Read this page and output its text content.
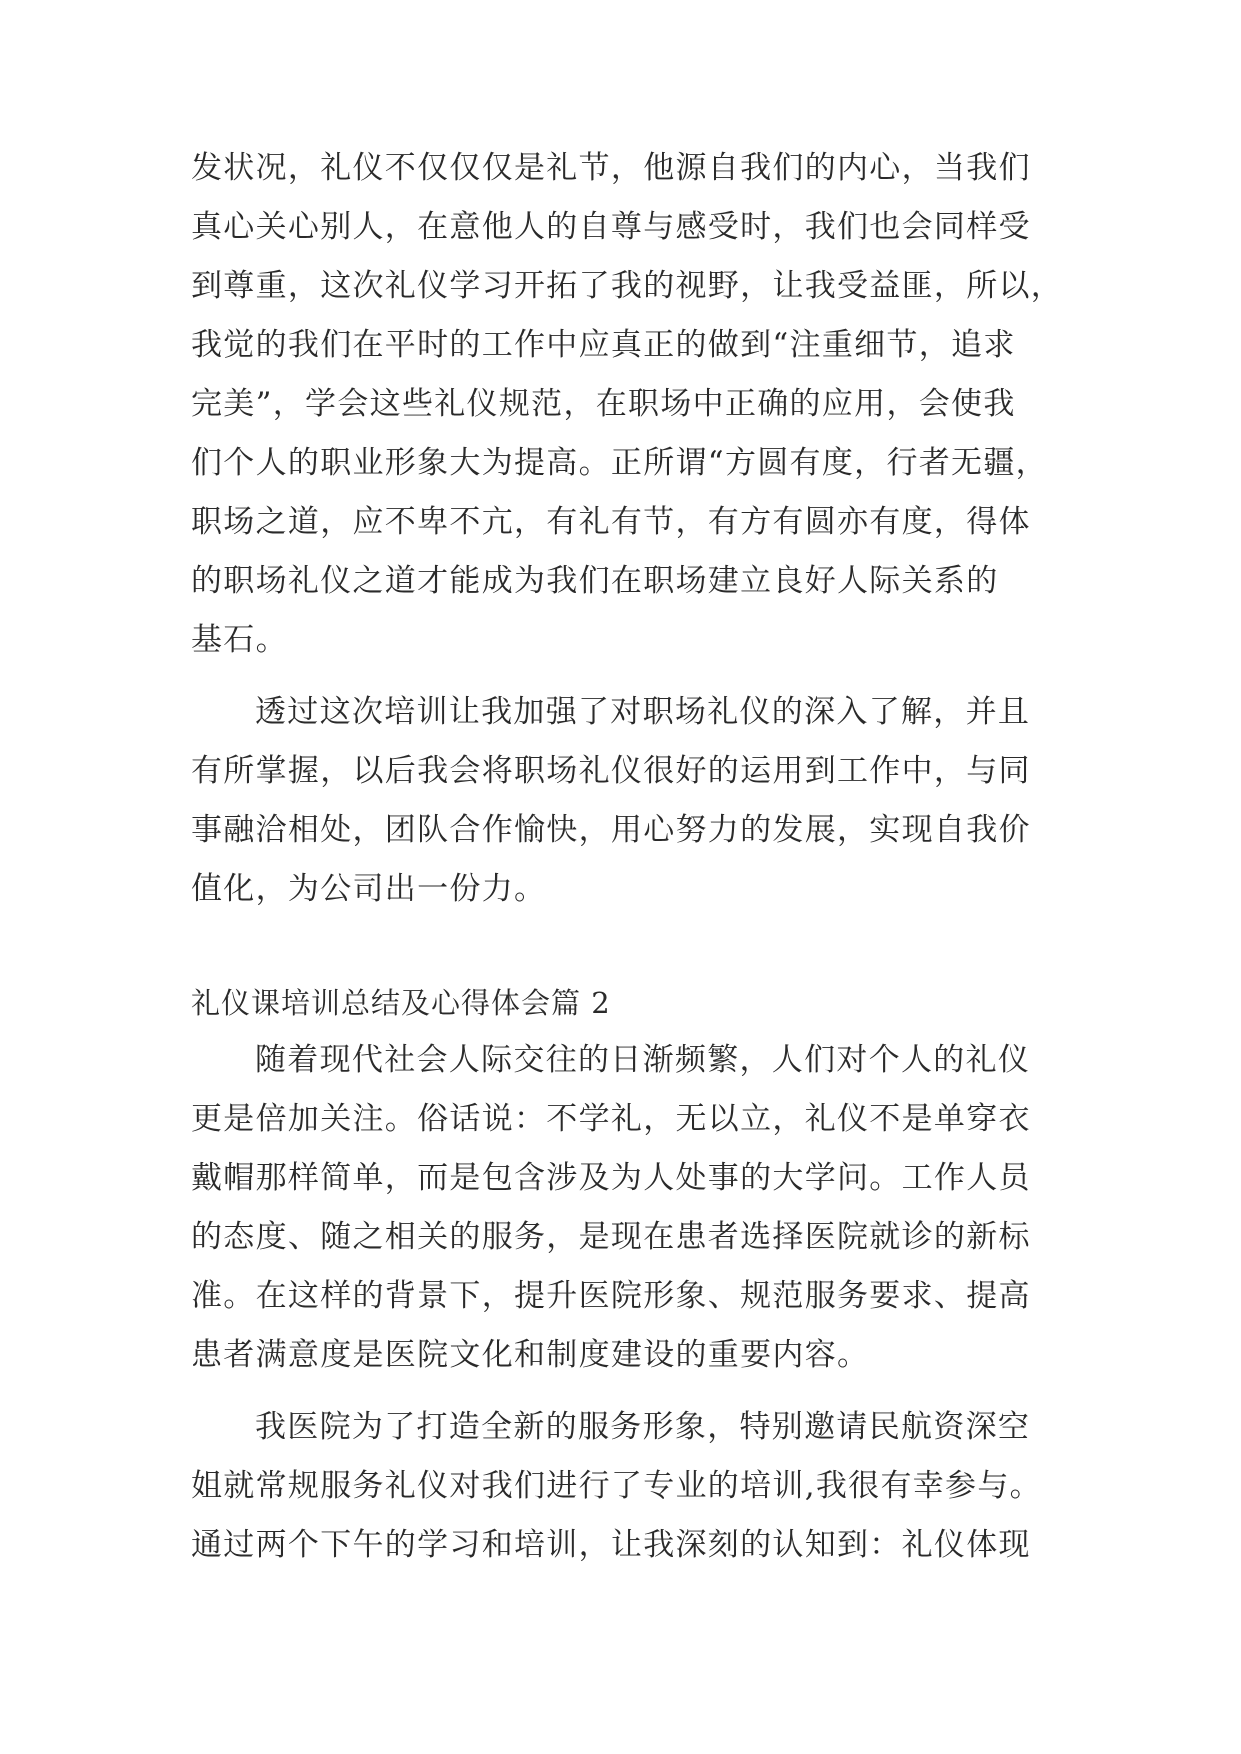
发状况，礼仪不仅仅仅是礼节，他源自我们的内心，当我们
真心关心别人，在意他人的自尊与感受时，我们也会同样受
到尊重，这次礼仪学习开拓了我的视野，让我受益匪，所以，
我觉的我们在平时的工作中应真正的做到“注重细节，追求
完美”，学会这些礼仪规范，在职场中正确的应用，会使我
们个人的职业形象大为提高。正所谓“方圆有度，行者无疆，
职场之道，应不卑不亢，有礼有节，有方有圆亦有度，得体
的职场礼仪之道才能成为我们在职场建立良好人际关系的
基石。
透过这次培训让我加强了对职场礼仪的深入了解，并且
有所掌握，以后我会将职场礼仪很好的运用到工作中，与同
事融洽相处，团队合作愉快，用心努力的发展，实现自我价
值化，为公司出一份力。
礼仪课培训总结及心得体会篇 2
随着现代社会人际交往的日渐频繁，人们对个人的礼仪
更是倍加关注。俗话说：不学礼，无以立，礼仪不是单穿衣
戴帽那样简单，而是包含涉及为人处事的大学问。工作人员
的态度、随之相关的服务，是现在患者选择医院就诊的新标
准。在这样的背景下，提升医院形象、规范服务要求、提高
患者满意度是医院文化和制度建设的重要内容。
我医院为了打造全新的服务形象，特别邀请民航资深空
姐就常规服务礼仪对我们进行了专业的培训,我很有幸参与。
通过两个下午的学习和培训，让我深刻的认知到：礼仪体现
